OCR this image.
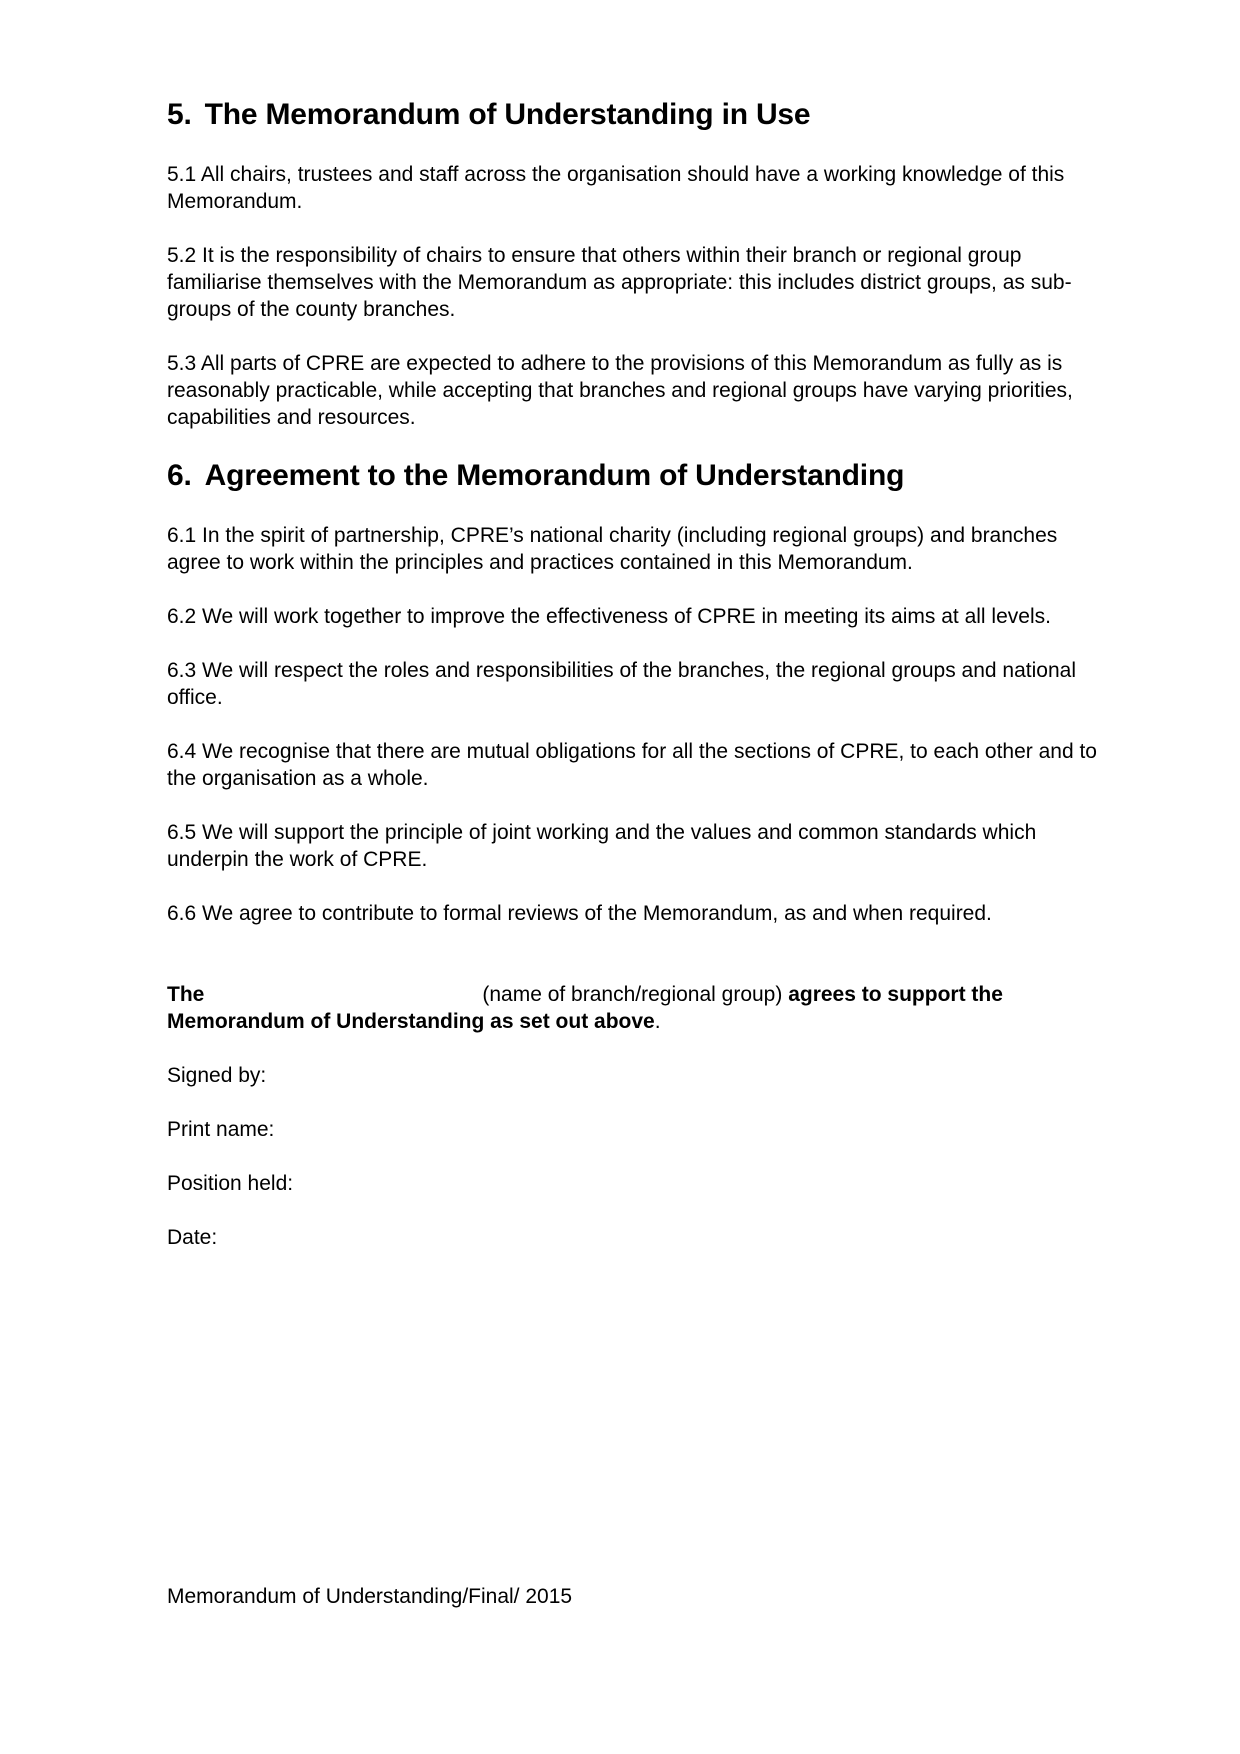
5. The Memorandum of Understanding in Use

5.1 All chairs, trustees and staff across the organisation should have a working knowledge of this Memorandum.

5.2 It is the responsibility of chairs to ensure that others within their branch or regional group familiarise themselves with the Memorandum as appropriate: this includes district groups, as sub-groups of the county branches.

5.3 All parts of CPRE are expected to adhere to the provisions of this Memorandum as fully as is reasonably practicable, while accepting that branches and regional groups have varying priorities, capabilities and resources.

6. Agreement to the Memorandum of Understanding

6.1 In the spirit of partnership, CPRE’s national charity (including regional groups) and branches agree to work within the principles and practices contained in this Memorandum.

6.2 We will work together to improve the effectiveness of CPRE in meeting its aims at all levels.

6.3 We will respect the roles and responsibilities of the branches, the regional groups and national office.

6.4 We recognise that there are mutual obligations for all the sections of CPRE, to each other and to the organisation as a whole.

6.5 We will support the principle of joint working and the values and common standards which underpin the work of CPRE.

6.6 We agree to contribute to formal reviews of the Memorandum, as and when required.

The	(name of branch/regional group) agrees to support the Memorandum of Understanding as set out above.

Signed by:

Print name:

Position held:

Date:

Memorandum of Understanding/Final/ 2015
